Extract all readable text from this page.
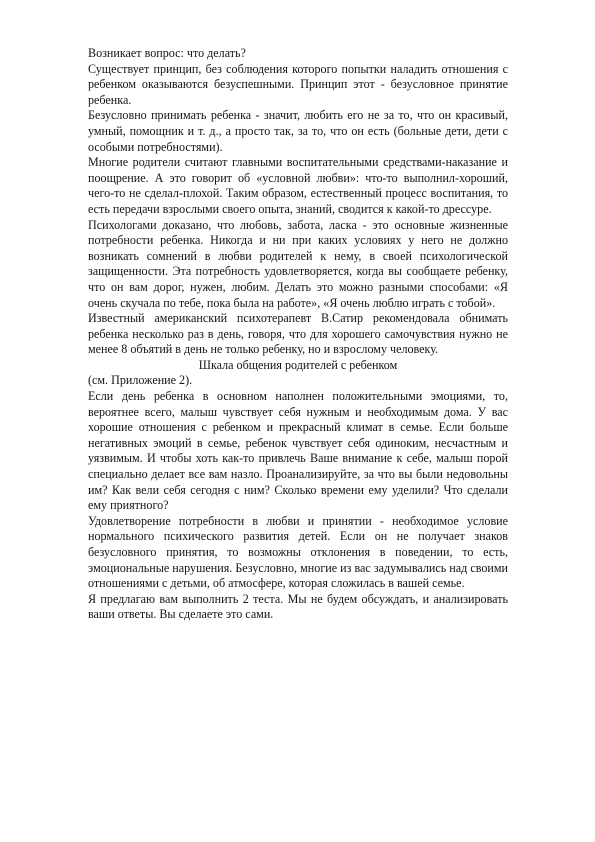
Возникает вопрос: что делать?

Существует принцип, без соблюдения которого попытки наладить отношения с ребенком оказываются безуспешными. Принцип этот - безусловное принятие ребенка.

Безусловно принимать ребенка - значит, любить его не за то, что он красивый, умный, помощник и т. д., а просто так, за то, что он есть (больные дети, дети с особыми потребностями).

Многие родители считают главными воспитательными средствами-наказание и поощрение. А это говорит об «условной любви»: что-то выполнил-хороший, чего-то не сделал-плохой. Таким образом, естественный процесс воспитания, то есть передачи взрослыми своего опыта, знаний, сводится к какой-то дрессуре.

Психологами доказано, что любовь, забота, ласка - это основные жизненные потребности ребенка. Никогда и ни при каких условиях у него не должно возникать сомнений в любви родителей к нему, в своей психологической защищенности. Эта потребность удовлетворяется, когда вы сообщаете ребенку, что он вам дорог, нужен, любим. Делать это можно разными способами: «Я очень скучала по тебе, пока была на работе», «Я очень люблю играть с тобой».

Известный американский психотерапевт В.Сатир рекомендовала обнимать ребенка несколько раз в день, говоря, что для хорошего самочувствия нужно не менее 8 объятий в день не только ребенку, но и взрослому человеку.

Шкала общения родителей с ребенком

(см. Приложение 2).

Если день ребенка в основном наполнен положительными эмоциями, то, вероятнее всего, малыш чувствует себя нужным и необходимым дома. У вас хорошие отношения с ребенком и прекрасный климат в семье. Если больше негативных эмоций в семье, ребенок чувствует себя одиноким, несчастным и уязвимым. И чтобы хоть как-то привлечь Ваше внимание к себе, малыш порой специально делает все вам назло. Проанализируйте, за что вы были недовольны им? Как вели себя сегодня с ним? Сколько времени ему уделили? Что сделали ему приятного?

Удовлетворение потребности в любви и принятии - необходимое условие нормального психического развития детей. Если он не получает знаков безусловного принятия, то возможны отклонения в поведении, то есть, эмоциональные нарушения. Безусловно, многие из вас задумывались над своими отношениями с детьми, об атмосфере, которая сложилась в вашей семье.

Я предлагаю вам выполнить 2 теста. Мы не будем обсуждать, и анализировать ваши ответы. Вы сделаете это сами.
